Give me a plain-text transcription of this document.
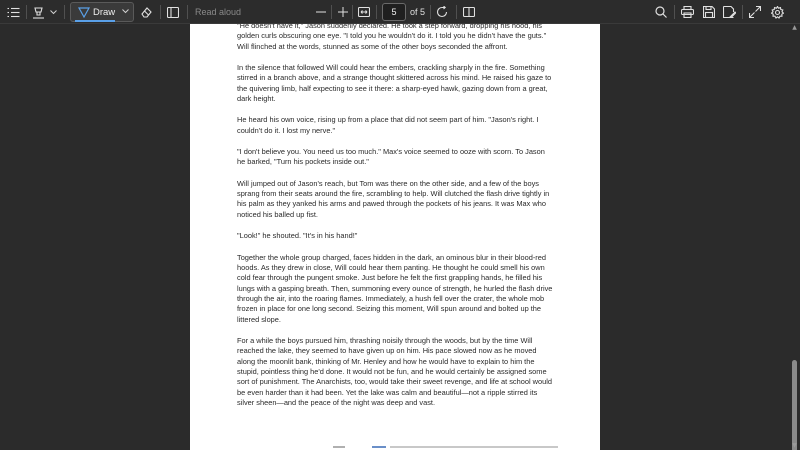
Draw	Read aloud
5	of 5

"He doesn't have it," Jason suddenly declared. He took a step forward, dropping his hood, his golden curls obscuring one eye. "I told you he wouldn't do it. I told you he didn't have the guts." Will flinched at the words, stunned as some of the other boys seconded the affront.

In the silence that followed Will could hear the embers, crackling sharply in the fire. Something stirred in a branch above, and a strange thought skittered across his mind. He raised his gaze to the quivering limb, half expecting to see it there: a sharp-eyed hawk, gazing down from a great, dark height.

He heard his own voice, rising up from a place that did not seem part of him. "Jason's right. I couldn't do it. I lost my nerve."

"I don't believe you. You need us too much." Max's voice seemed to ooze with scorn. To Jason he barked, "Turn his pockets inside out."

Will jumped out of Jason's reach, but Tom was there on the other side, and a few of the boys sprang from their seats around the fire, scrambling to help. Will clutched the flash drive tightly in his palm as they yanked his arms and pawed through the pockets of his jeans. It was Max who noticed his balled up fist.

"Look!" he shouted. "It's in his hand!"

Together the whole group charged, faces hidden in the dark, an ominous blur in their blood-red hoods. As they drew in close, Will could hear them panting. He thought he could smell his own cold fear through the pungent smoke. Just before he felt the first grappling hands, he filled his lungs with a gasping breath. Then, summoning every ounce of strength, he hurled the flash drive through the air, into the roaring flames. Immediately, a hush fell over the crater, the whole mob frozen in place for one long second. Seizing this moment, Will spun around and bolted up the littered slope.

For a while the boys pursued him, thrashing noisily through the woods, but by the time Will reached the lake, they seemed to have given up on him. His pace slowed now as he moved along the moonlit bank, thinking of Mr. Henley and how he would have to explain to him the stupid, pointless thing he'd done. It would not be fun, and he would certainly be assigned some sort of punishment. The Anarchists, too, would take their sweet revenge, and life at school would be even harder than it had been. Yet the lake was calm and beautiful—not a ripple stirred its silver sheen—and the peace of the night was deep and vast.

▲
▼
